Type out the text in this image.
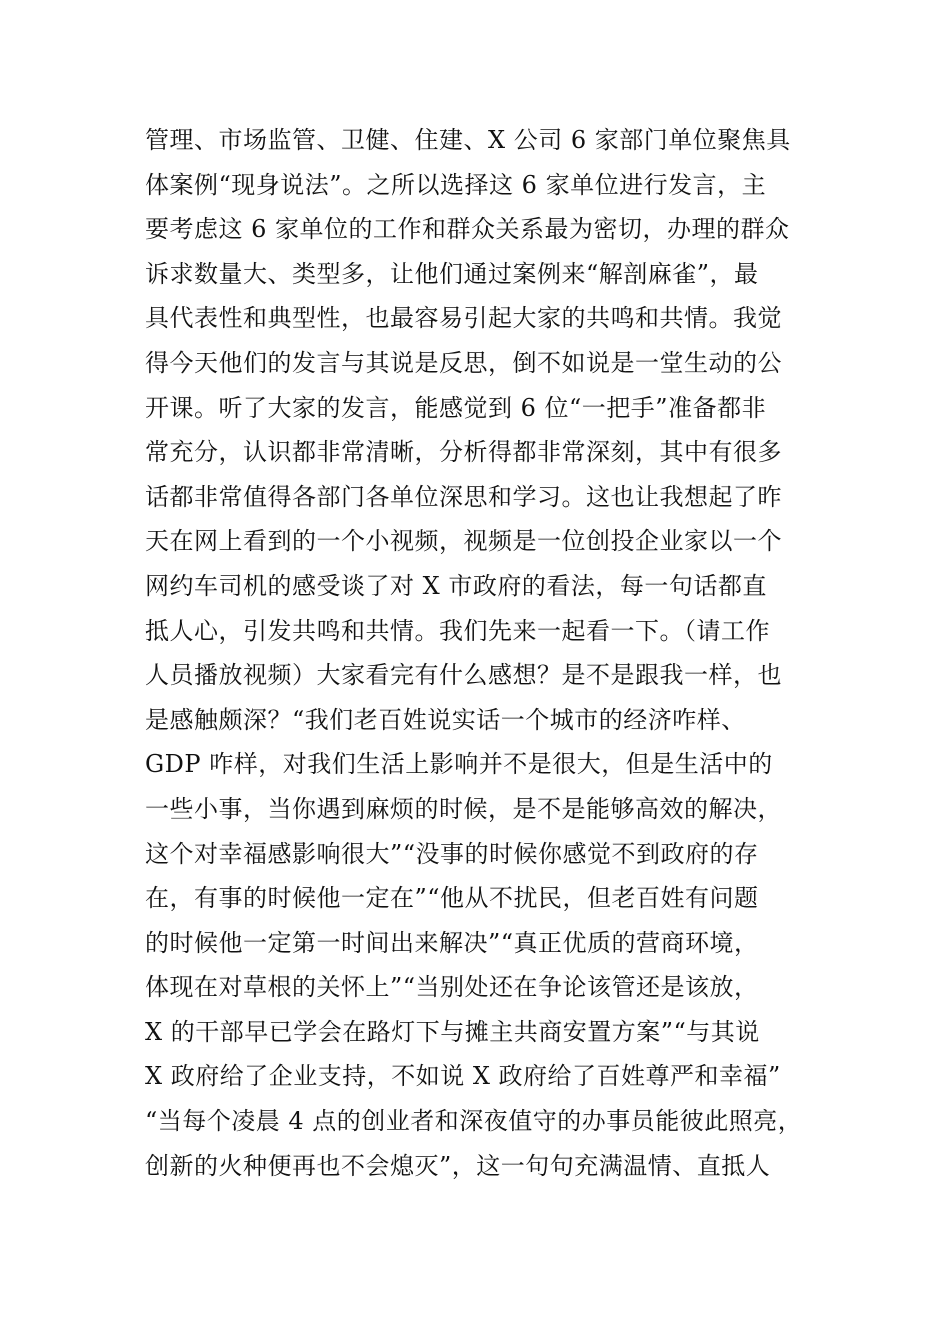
管理、市场监管、卫健、住建、X 公司 6 家部门单位聚焦具
体案例“现身说法”。之所以选择这 6 家单位进行发言，主
要考虑这 6 家单位的工作和群众关系最为密切，办理的群众
诉求数量大、类型多，让他们通过案例来“解剖麻雀”，最
具代表性和典型性，也最容易引起大家的共鸣和共情。我觉
得今天他们的发言与其说是反思，倒不如说是一堂生动的公
开课。听了大家的发言，能感觉到 6 位“一把手”准备都非
常充分，认识都非常清晰，分析得都非常深刻，其中有很多
话都非常值得各部门各单位深思和学习。这也让我想起了昨
天在网上看到的一个小视频，视频是一位创投企业家以一个
网约车司机的感受谈了对 X 市政府的看法，每一句话都直
抵人心，引发共鸣和共情。我们先来一起看一下。（请工作
人员播放视频）大家看完有什么感想？是不是跟我一样，也
是感触颇深？“我们老百姓说实话一个城市的经济咋样、
GDP 咋样，对我们生活上影响并不是很大，但是生活中的
一些小事，当你遇到麻烦的时候，是不是能够高效的解决，
这个对幸福感影响很大”“没事的时候你感觉不到政府的存
在，有事的时候他一定在”“他从不扰民，但老百姓有问题
的时候他一定第一时间出来解决”“真正优质的营商环境，
体现在对草根的关怀上”“当别处还在争论该管还是该放，
X 的干部早已学会在路灯下与摊主共商安置方案”“与其说
X 政府给了企业支持，不如说 X 政府给了百姓尊严和幸福”
“当每个凌晨 4 点的创业者和深夜值守的办事员能彼此照亮，
创新的火种便再也不会熄灭”，这一句句充满温情、直抵人
